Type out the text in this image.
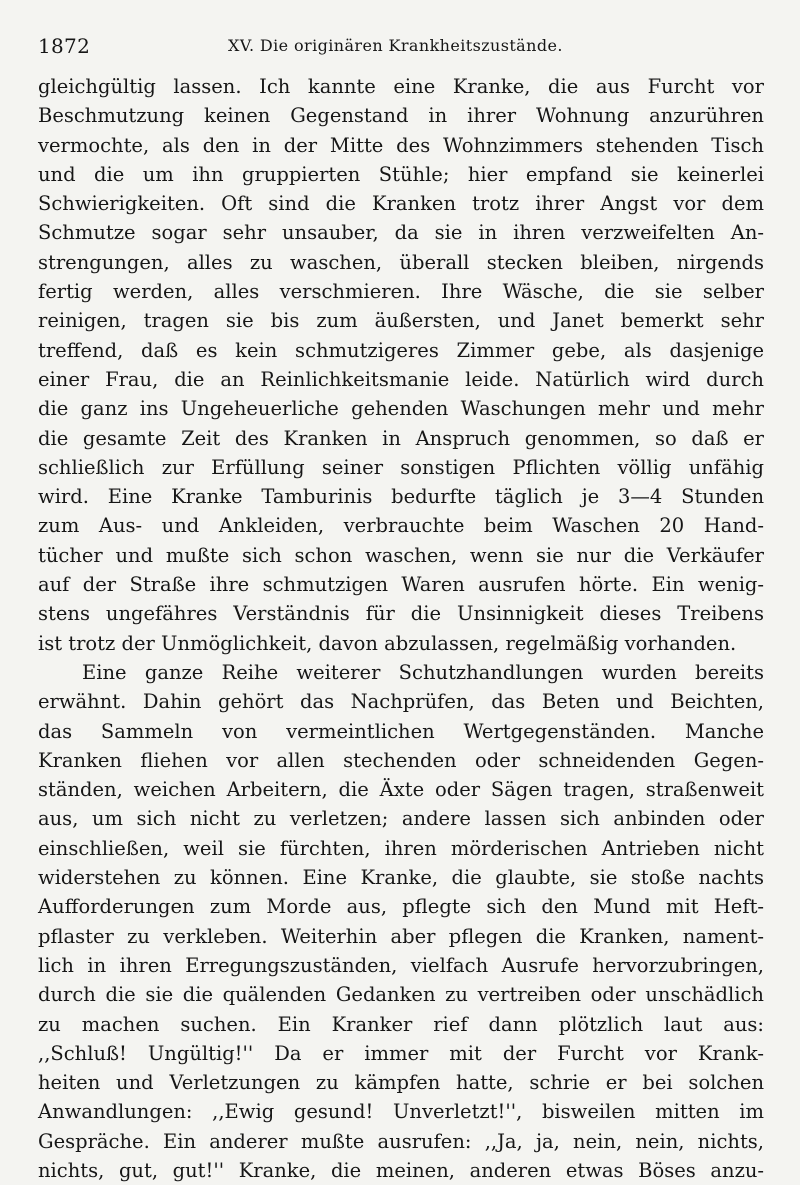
1872	XV. Die originären Krankheitszustände.
gleichgültig lassen. Ich kannte eine Kranke, die aus Furcht vor
Beschmutzung keinen Gegenstand in ihrer Wohnung anzurühren
vermochte, als den in der Mitte des Wohnzimmers stehenden Tisch
und die um ihn gruppierten Stühle; hier empfand sie keinerlei
Schwierigkeiten. Oft sind die Kranken trotz ihrer Angst vor dem
Schmutze sogar sehr unsauber, da sie in ihren verzweifelten An-
strengungen, alles zu waschen, überall stecken bleiben, nirgends
fertig werden, alles verschmieren. Ihre Wäsche, die sie selber
reinigen, tragen sie bis zum äußersten, und Janet bemerkt sehr
treffend, daß es kein schmutzigeres Zimmer gebe, als dasjenige
einer Frau, die an Reinlichkeitsmanie leide. Natürlich wird durch
die ganz ins Ungeheuerliche gehenden Waschungen mehr und mehr
die gesamte Zeit des Kranken in Anspruch genommen, so daß er
schließlich zur Erfüllung seiner sonstigen Pflichten völlig unfähig
wird. Eine Kranke Tamburinis bedurfte täglich je 3—4 Stunden
zum Aus- und Ankleiden, verbrauchte beim Waschen 20 Hand-
tücher und mußte sich schon waschen, wenn sie nur die Verkäufer
auf der Straße ihre schmutzigen Waren ausrufen hörte. Ein wenig-
stens ungefähres Verständnis für die Unsinnigkeit dieses Treibens
ist trotz der Unmöglichkeit, davon abzulassen, regelmäßig vorhanden.
Eine ganze Reihe weiterer Schutzhandlungen wurden bereits
erwähnt. Dahin gehört das Nachprüfen, das Beten und Beichten,
das Sammeln von vermeintlichen Wertgegenständen. Manche
Kranken fliehen vor allen stechenden oder schneidenden Gegen-
ständen, weichen Arbeitern, die Äxte oder Sägen tragen, straßenweit
aus, um sich nicht zu verletzen; andere lassen sich anbinden oder
einschließen, weil sie fürchten, ihren mörderischen Antrieben nicht
widerstehen zu können. Eine Kranke, die glaubte, sie stoße nachts
Aufforderungen zum Morde aus, pflegte sich den Mund mit Heft-
pflaster zu verkleben. Weiterhin aber pflegen die Kranken, nament-
lich in ihren Erregungszuständen, vielfach Ausrufe hervorzubringen,
durch die sie die quälenden Gedanken zu vertreiben oder unschädlich
zu machen suchen. Ein Kranker rief dann plötzlich laut aus:
,,Schluß! Ungültig!'' Da er immer mit der Furcht vor Krank-
heiten und Verletzungen zu kämpfen hatte, schrie er bei solchen
Anwandlungen: ,,Ewig gesund! Unverletzt!'', bisweilen mitten im
Gespräche. Ein anderer mußte ausrufen: ,,Ja, ja, nein, nein, nichts,
nichts, gut, gut!'' Kranke, die meinen, anderen etwas Böses anzu-
